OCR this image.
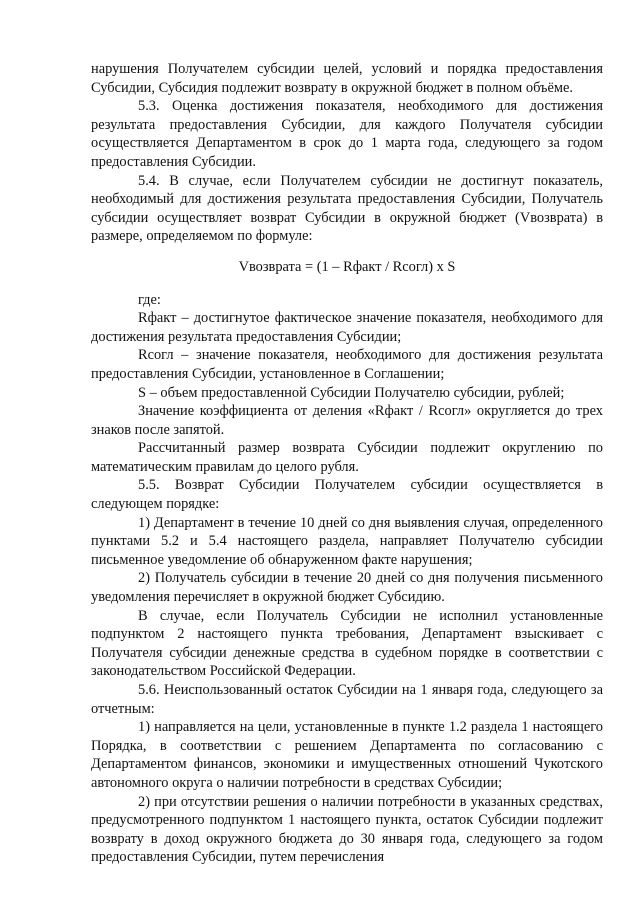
нарушения Получателем субсидии целей, условий и порядка предоставления Субсидии, Субсидия подлежит возврату в окружной бюджет в полном объёме.

5.3. Оценка достижения показателя, необходимого для достижения результата предоставления Субсидии, для каждого Получателя субсидии осуществляется Департаментом в срок до 1 марта года, следующего за годом предоставления Субсидии.

5.4. В случае, если Получателем субсидии не достигнут показатель, необходимый для достижения результата предоставления Субсидии, Получатель субсидии осуществляет возврат Субсидии в окружной бюджет (Vвозврата) в размере, определяемом по формуле:

Vвозврата = (1 – Rфакт / Rсогл) х S

где:

Rфакт – достигнутое фактическое значение показателя, необходимого для достижения результата предоставления Субсидии;

Rсогл – значение показателя, необходимого для достижения результата предоставления Субсидии, установленное в Соглашении;

S – объем предоставленной Субсидии Получателю субсидии, рублей;

Значение коэффициента от деления «Rфакт / Rсогл» округляется до трех знаков после запятой.

Рассчитанный размер возврата Субсидии подлежит округлению по математическим правилам до целого рубля.

5.5. Возврат Субсидии Получателем субсидии осуществляется в следующем порядке:

1) Департамент в течение 10 дней со дня выявления случая, определенного пунктами 5.2 и 5.4 настоящего раздела, направляет Получателю субсидии письменное уведомление об обнаруженном факте нарушения;

2) Получатель субсидии в течение 20 дней со дня получения письменного уведомления перечисляет в окружной бюджет Субсидию.

В случае, если Получатель Субсидии не исполнил установленные подпунктом 2 настоящего пункта требования, Департамент взыскивает с Получателя субсидии денежные средства в судебном порядке в соответствии с законодательством Российской Федерации.

5.6. Неиспользованный остаток Субсидии на 1 января года, следующего за отчетным:

1) направляется на цели, установленные в пункте 1.2 раздела 1 настоящего Порядка, в соответствии с решением Департамента по согласованию с Департаментом финансов, экономики и имущественных отношений Чукотского автономного округа о наличии потребности в средствах Субсидии;

2) при отсутствии решения о наличии потребности в указанных средствах, предусмотренного подпунктом 1 настоящего пункта, остаток Субсидии подлежит возврату в доход окружного бюджета до 30 января года, следующего за годом предоставления Субсидии, путем перечисления
